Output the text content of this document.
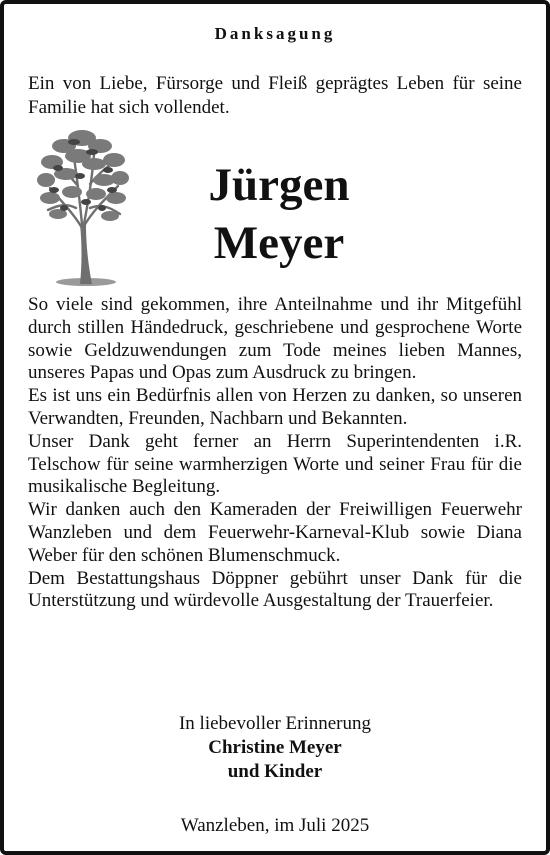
Danksagung

Ein von Liebe, Fürsorge und Fleiß geprägtes Leben für seine Familie hat sich vollendet.

Jürgen
Meyer

So viele sind gekommen, ihre Anteilnahme und ihr Mitgefühl durch stillen Händedruck, geschriebene und gesprochene Worte sowie Geldzuwendungen zum Tode meines lieben Mannes, unseres Papas und Opas zum Ausdruck zu bringen.

Es ist uns ein Bedürfnis allen von Herzen zu danken, so unseren Verwandten, Freunden, Nachbarn und Bekannten.

Unser Dank geht ferner an Herrn Superintendenten i.R. Telschow für seine warmherzigen Worte und seiner Frau für die musikalische Begleitung.

Wir danken auch den Kameraden der Freiwilligen Feuerwehr Wanzleben und dem Feuerwehr-Karneval-Klub sowie Diana Weber für den schönen Blumenschmuck.

Dem Bestattungshaus Döppner gebührt unser Dank für die Unterstützung und würdevolle Ausgestaltung der Trauerfeier.

In liebevoller Erinnerung
Christine Meyer
und Kinder
Wanzleben, im Juli 2025
